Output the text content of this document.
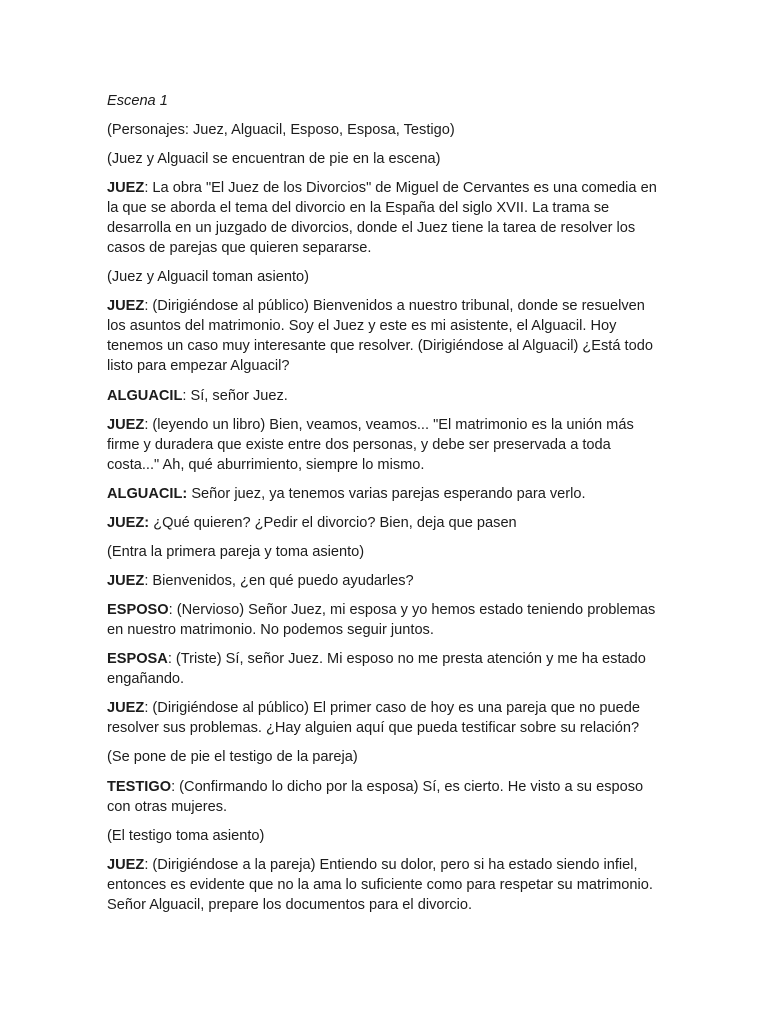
Escena 1

(Personajes: Juez, Alguacil, Esposo, Esposa, Testigo)

(Juez y Alguacil se encuentran de pie en la escena)

JUEZ: La obra "El Juez de los Divorcios" de Miguel de Cervantes es una comedia en la que se aborda el tema del divorcio en la España del siglo XVII. La trama se desarrolla en un juzgado de divorcios, donde el Juez tiene la tarea de resolver los casos de parejas que quieren separarse.

(Juez y Alguacil toman asiento)

JUEZ: (Dirigiéndose al público) Bienvenidos a nuestro tribunal, donde se resuelven los asuntos del matrimonio. Soy el Juez y este es mi asistente, el Alguacil. Hoy tenemos un caso muy interesante que resolver. (Dirigiéndose al Alguacil) ¿Está todo listo para empezar Alguacil?

ALGUACIL: Sí, señor Juez.

JUEZ: (leyendo un libro) Bien, veamos, veamos... "El matrimonio es la unión más firme y duradera que existe entre dos personas, y debe ser preservada a toda costa..." Ah, qué aburrimiento, siempre lo mismo.

ALGUACIL: Señor juez, ya tenemos varias parejas esperando para verlo.

JUEZ: ¿Qué quieren? ¿Pedir el divorcio? Bien, deja que pasen

(Entra la primera pareja y toma asiento)

JUEZ: Bienvenidos, ¿en qué puedo ayudarles?

ESPOSO: (Nervioso) Señor Juez, mi esposa y yo hemos estado teniendo problemas en nuestro matrimonio. No podemos seguir juntos.

ESPOSA: (Triste) Sí, señor Juez. Mi esposo no me presta atención y me ha estado engañando.

JUEZ: (Dirigiéndose al público) El primer caso de hoy es una pareja que no puede resolver sus problemas. ¿Hay alguien aquí que pueda testificar sobre su relación?

(Se pone de pie el testigo de la pareja)

TESTIGO: (Confirmando lo dicho por la esposa) Sí, es cierto. He visto a su esposo con otras mujeres.

(El testigo toma asiento)

JUEZ: (Dirigiéndose a la pareja) Entiendo su dolor, pero si ha estado siendo infiel, entonces es evidente que no la ama lo suficiente como para respetar su matrimonio. Señor Alguacil, prepare los documentos para el divorcio.
